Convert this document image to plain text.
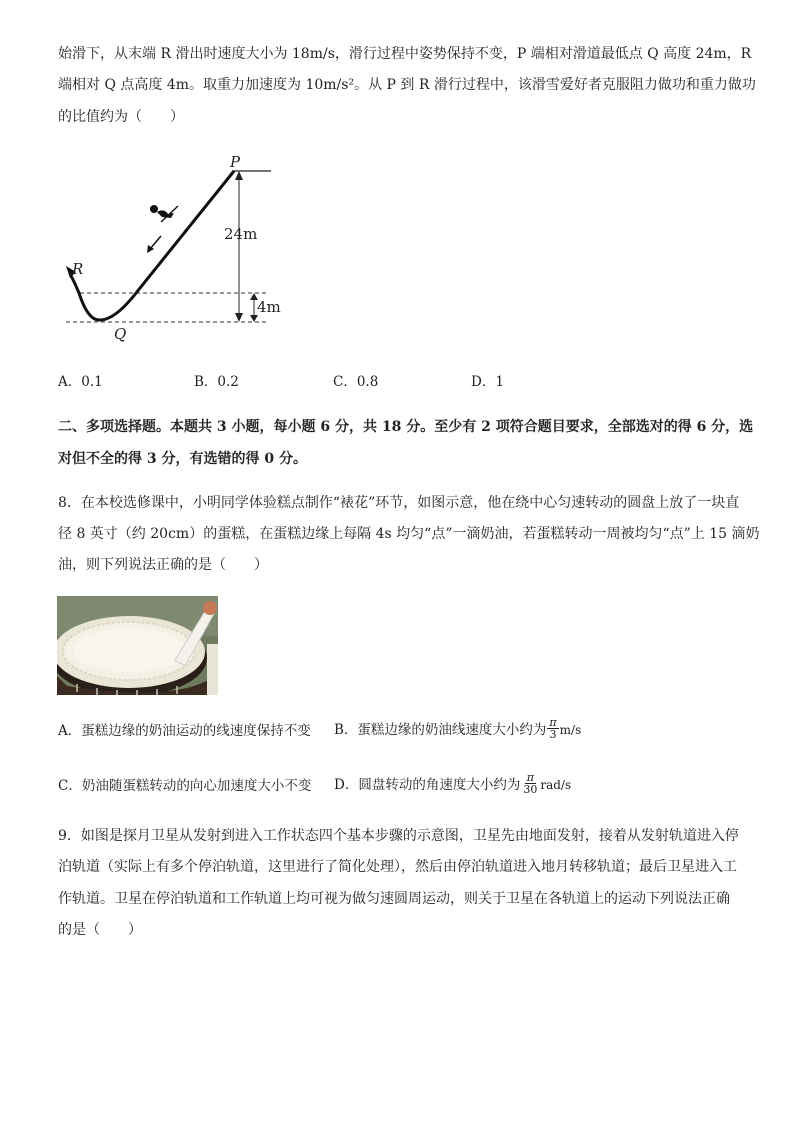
始滑下，从末端 R 滑出时速度大小为 18m/s，滑行过程中姿势保持不变，P 端相对滑道最低点 Q 高度 24m，R
端相对 Q 点高度 4m。取重力加速度为 10m/s²。从 P 到 R 滑行过程中，该滑雪爱好者克服阻力做功和重力做功
的比值约为（　　）
P
R
Q
24m
4m
A．0.1	B．0.2	C．0.8	D．1
二、多项选择题。本题共 3 小题，每小题 6 分，共 18 分。至少有 2 项符合题目要求，全部选对的得 6 分，选
对但不全的得 3 分，有选错的得 0 分。
8．在本校选修课中，小明同学体验糕点制作“裱花”环节，如图示意，他在绕中心匀速转动的圆盘上放了一块直
径 8 英寸（约 20cm）的蛋糕，在蛋糕边缘上每隔 4s 均匀“点”一滴奶油，若蛋糕转动一周被均匀“点”上 15 滴奶
油，则下列说法正确的是（　　）
A．蛋糕边缘的奶油运动的线速度保持不变 B．蛋糕边缘的奶油线速度大小约为 $\frac{\pi}{3} m/s$
C．奶油随蛋糕转动的向心加速度大小不变 D．圆盘转动的角速度大小约为 $\frac{\pi}{30} rad/s$
9．如图是探月卫星从发射到进入工作状态四个基本步骤的示意图，卫星先由地面发射，接着从发射轨道进入停
泊轨道（实际上有多个停泊轨道，这里进行了简化处理），然后由停泊轨道进入地月转移轨道；最后卫星进入工
作轨道。卫星在停泊轨道和工作轨道上均可视为做匀速圆周运动，则关于卫星在各轨道上的运动下列说法正确
的是（　　）
